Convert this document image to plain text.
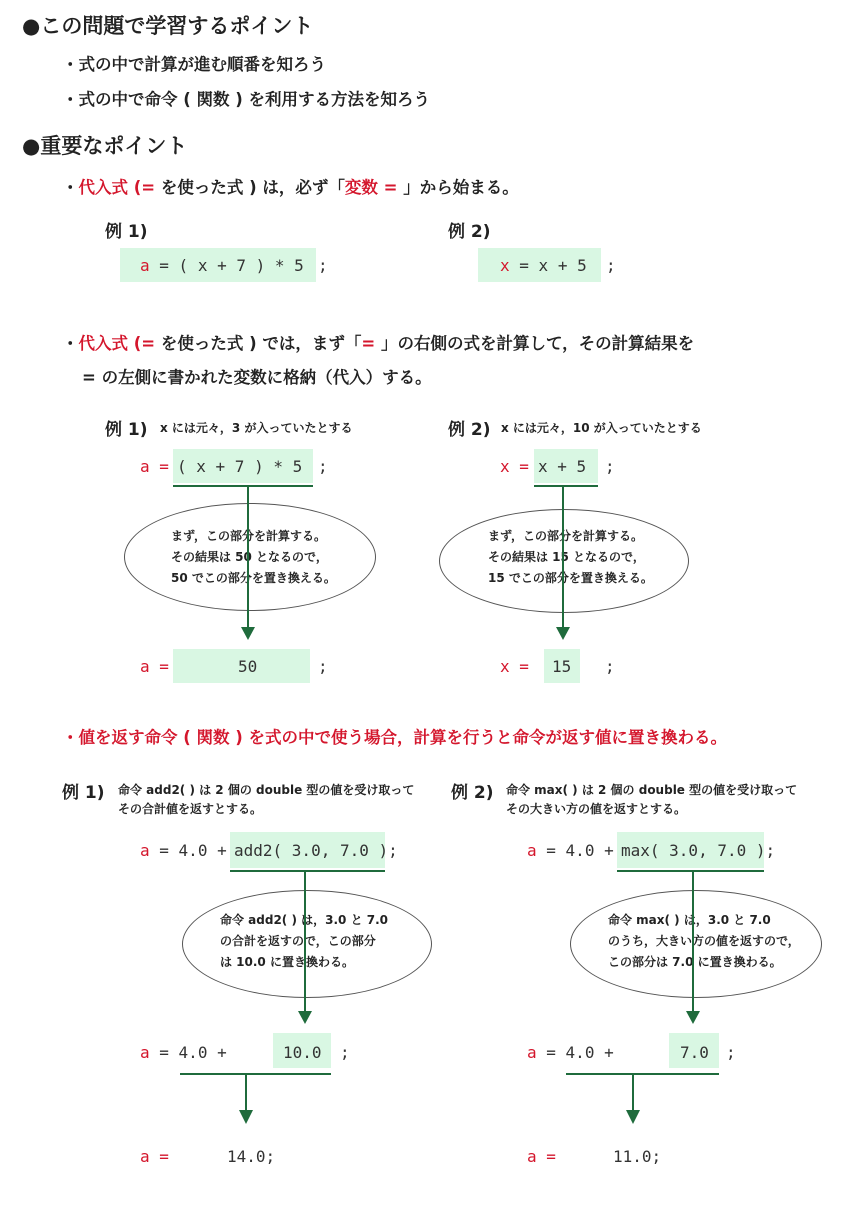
●この問題で学習するポイント
・式の中で計算が進む順番を知ろう
・式の中で命令 ( 関数 ) を利用する方法を知ろう
●重要なポイント
・代入式 (= を使った式 ) は，必ず「変数 = 」から始まる。
例 1)
a = ( x + 7 ) * 5 ;
例 2)
x = x + 5 ;
・代入式 (= を使った式 ) では，まず「= 」の右側の式を計算して，その計算結果を
= の左側に書かれた変数に格納（代入）する。
例 1) x には元々，3 が入っていたとする
a = ( x + 7 ) * 5 ;
まず，この部分を計算する。
その結果は 50 となるので，
50 でこの部分を置き換える。
a =	50	;
例 2) x には元々，10 が入っていたとする
x = x + 5 ;
まず，この部分を計算する。
その結果は 15 となるので，
15 でこの部分を置き換える。
x = 15 ;
・値を返す命令 ( 関数 ) を式の中で使う場合，計算を行うと命令が返す値に置き換わる。
例 1) 命令 add2( ) は 2 個の double 型の値を受け取って
その合計値を返すとする。
a = 4.0 + add2( 3.0, 7.0 );
命令 add2( ) は，3.0 と 7.0
の合計を返すので，この部分
は 10.0 に置き換わる。
a = 4.0 +	10.0 ;
a =	14.0;
例 2) 命令 max( ) は 2 個の double 型の値を受け取って
その大きい方の値を返すとする。
a = 4.0 + max( 3.0, 7.0 );
命令 max( ) は，3.0 と 7.0
のうち，大きい方の値を返すので，
この部分は 7.0 に置き換わる。
a = 4.0 +	7.0 ;
a =	11.0;
